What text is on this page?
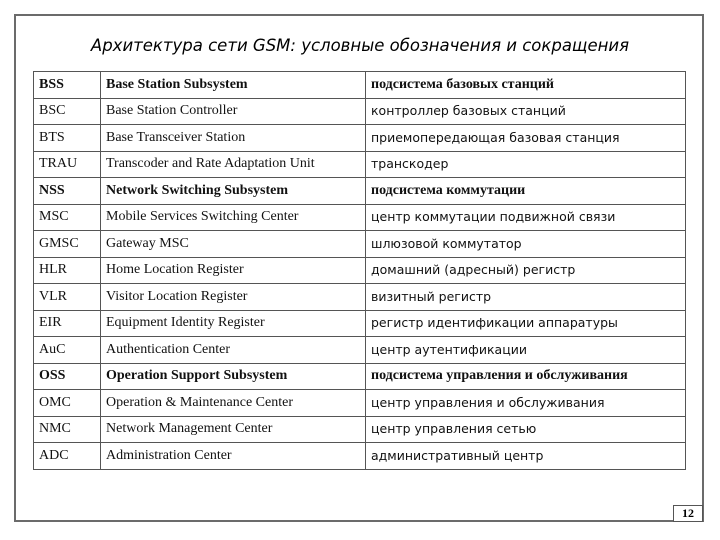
Архитектура сети GSM: условные обозначения и сокращения
BSS	Base Station Subsystem	подсистема базовых станций
BSC	Base Station Controller	контроллер базовых станций
BTS	Base Transceiver Station	приемопередающая базовая станция
TRAU	Transcoder and Rate Adaptation Unit	транскодер
NSS	Network Switching Subsystem	подсистема коммутации
MSC	Mobile Services Switching Center	центр коммутации подвижной связи
GMSC	Gateway MSC	шлюзовой коммутатор
HLR	Home Location Register	домашний (адресный) регистр
VLR	Visitor Location Register	визитный регистр
EIR	Equipment Identity Register	регистр идентификации аппаратуры
AuC	Authentication Center	центр аутентификации
OSS	Operation Support Subsystem	подсистема управления и обслуживания
OMC	Operation & Maintenance Center	центр управления и обслуживания
NMC	Network Management Center	центр управления сетью
ADC	Administration Center	административный центр
12
